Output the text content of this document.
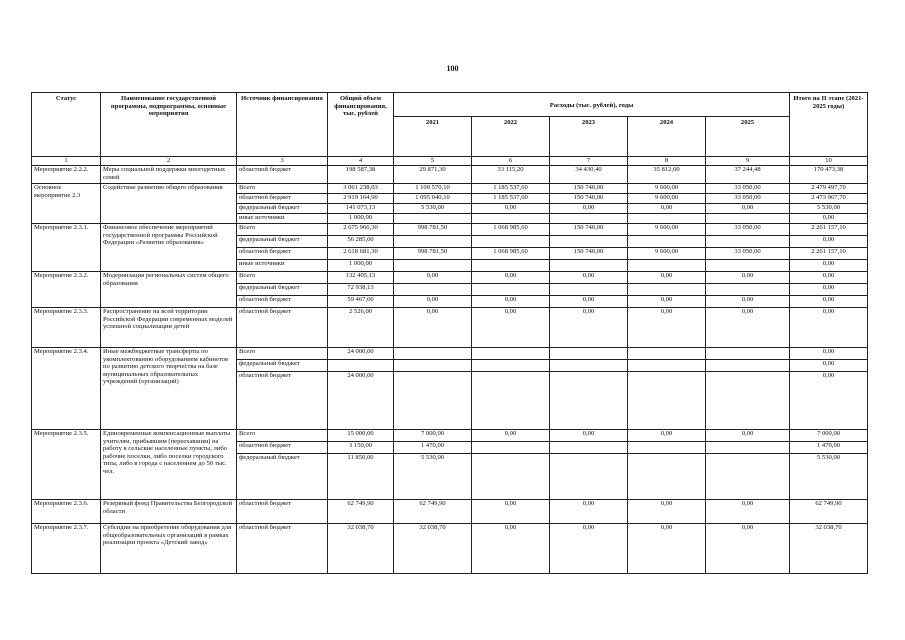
100
Статус	Наименование государственной программы, подпрограммы, основные мероприятия	Источник финансирования	Общий объем финансирования, тыс. рублей	Расходы (тыс. рублей), годы					Итого на II этапе (2021-2025 годы)
				2021	2022	2023	2024	2025	
1	2	3	4	5	6	7	8	9	10
Мероприятие 2.2.2.	Меры социальной поддержки многодетных семей	областной бюджет	198 587,38	29 871,30	33 115,20	34 430,40	35 812,00	37 244,48	170 473,38
Основное мероприятие 2.3	Содействие развитию общего образования	Всего	3 061 238,03	1 100 570,10	1 185 537,60	150 740,00	9 600,00	33 050,00	2 479 497,70
		областной бюджет	2 919 164,90	1 095 040,10	1 185 537,60	150 740,00	9 600,00	33 050,00	2 473 967,70
		федеральный бюджет	141 073,13	5 530,00	0,00	0,00	0,00	0,00	5 530,00
		иные источники	1 000,00						0,00
Мероприятие 2.3.1.	Финансовое обеспечение мероприятий государственной программы Российской Федерации «Развитие образования»	Всего	2 675 966,30	998 781,50	1 068 985,60	150 740,00	9 600,00	33 050,00	2 261 157,10
		федеральный бюджет	56 285,00						0,00
		областной бюджет	2 618 681,30	998 781,50	1 068 985,60	150 740,00	9 600,00	33 050,00	2 261 157,10
		иные источники	1 000,00						0,00
Мероприятие 2.3.2.	Модернизация региональных систем общего образования	Всего	132 405,13	0,00	0,00	0,00	0,00	0,00	0,00
		федеральный бюджет	72 938,13						0,00
		областной бюджет	59 467,00	0,00	0,00	0,00	0,00	0,00	0,00
Мероприятие 2.3.3.	Распространение на всей территории Российской Федерации современных моделей успешной социализации детей	областной бюджет	2 526,00	0,00	0,00	0,00	0,00	0,00	0,00
Мероприятие 2.3.4.	Иные межбюджетные трансферты по укомплектованию оборудованием кабинетов по развитию детского творчества на базе муниципальных образовательных учреждений (организаций)	Всего	24 000,00						0,00
		федеральный бюджет							0,00
		областной бюджет	24 000,00						0,00
Мероприятие 2.3.5.	Единовременные компенсационные выплаты учителям, прибывшим (переехавшим) на работу в сельские населенные пункты, либо рабочие поселки, либо поселки городского типа, либо в города с населением до 50 тыс. чел.	Всего	15 000,00	7 000,00	0,00	0,00	0,00	0,00	7 000,00
		областной бюджет	3 150,00	1 470,00					1 470,00
		федеральный бюджет	11 850,00	5 530,00					5 530,00
Мероприятие 2.3.6.	Резервный фонд Правительства Белгородской области	областной бюджет	62 749,90	62 749,90	0,00	0,00	0,00	0,00	62 749,90
Мероприятие 2.3.7.	Субсидии на приобретение оборудования для общеобразовательных организаций в рамках реализации проекта «Детский завод»	областной бюджет	32 038,70	32 038,70	0,00	0,00	0,00	0,00	32 038,70
